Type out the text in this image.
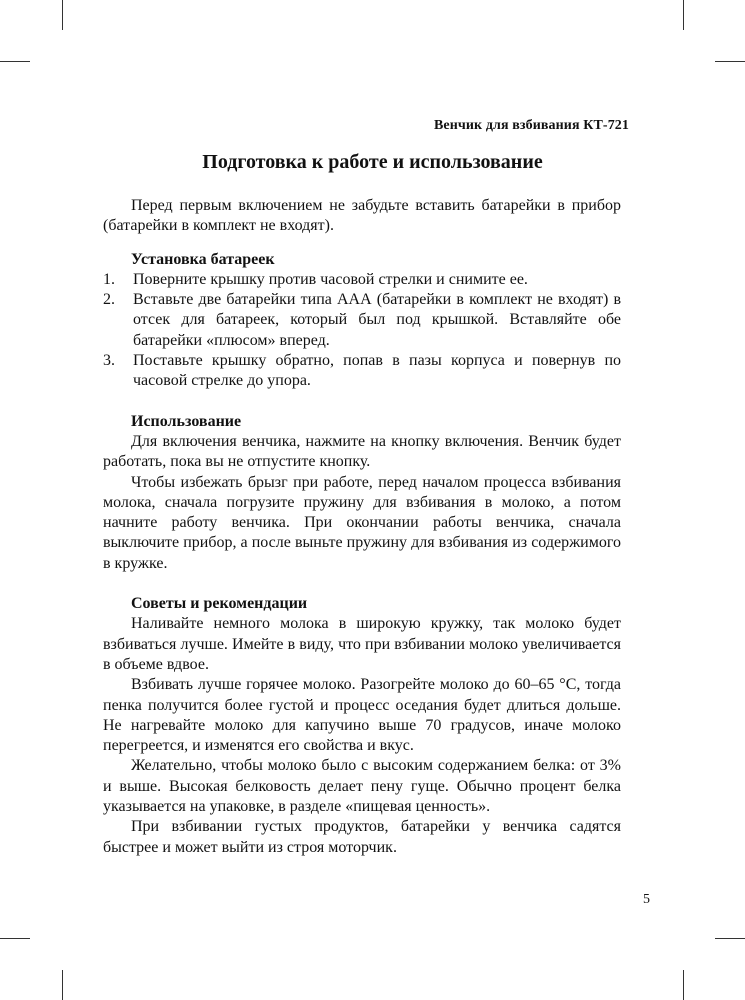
Венчик для взбивания КТ-721
Подготовка к работе и использование

Перед первым включением не забудьте вставить батарейки в прибор (батарейки в комплект не входят).

Установка батареек
1. Поверните крышку против часовой стрелки и снимите ее.
2. Вставьте две батарейки типа ААА (батарейки в комплект не входят) в отсек для батареек, который был под крышкой. Вставляйте обе батарейки «плюсом» вперед.
3. Поставьте крышку обратно, попав в пазы корпуса и повернув по часовой стрелке до упора.
Использование

Для включения венчика, нажмите на кнопку включения. Венчик будет работать, пока вы не отпустите кнопку.

Чтобы избежать брызг при работе, перед началом процесса взбивания молока, сначала погрузите пружину для взбивания в молоко, а потом начните работу венчика. При окончании работы венчика, сначала выключите прибор, а после выньте пружину для взбивания из содержимого в кружке.

Советы и рекомендации

Наливайте немного молока в широкую кружку, так молоко будет взбиваться лучше. Имейте в виду, что при взбивании молоко увеличивается в объеме вдвое.

Взбивать лучше горячее молоко. Разогрейте молоко до 60–65 °C, тогда пенка получится более густой и процесс оседания будет длиться дольше. Не нагревайте молоко для капучино выше 70 градусов, иначе молоко перегреется, и изменятся его свойства и вкус.

Желательно, чтобы молоко было с высоким содержанием белка: от 3% и выше. Высокая белковость делает пену гуще. Обычно процент белка указывается на упаковке, в разделе «пищевая ценность».

При взбивании густых продуктов, батарейки у венчика садятся быстрее и может выйти из строя моторчик.

5
